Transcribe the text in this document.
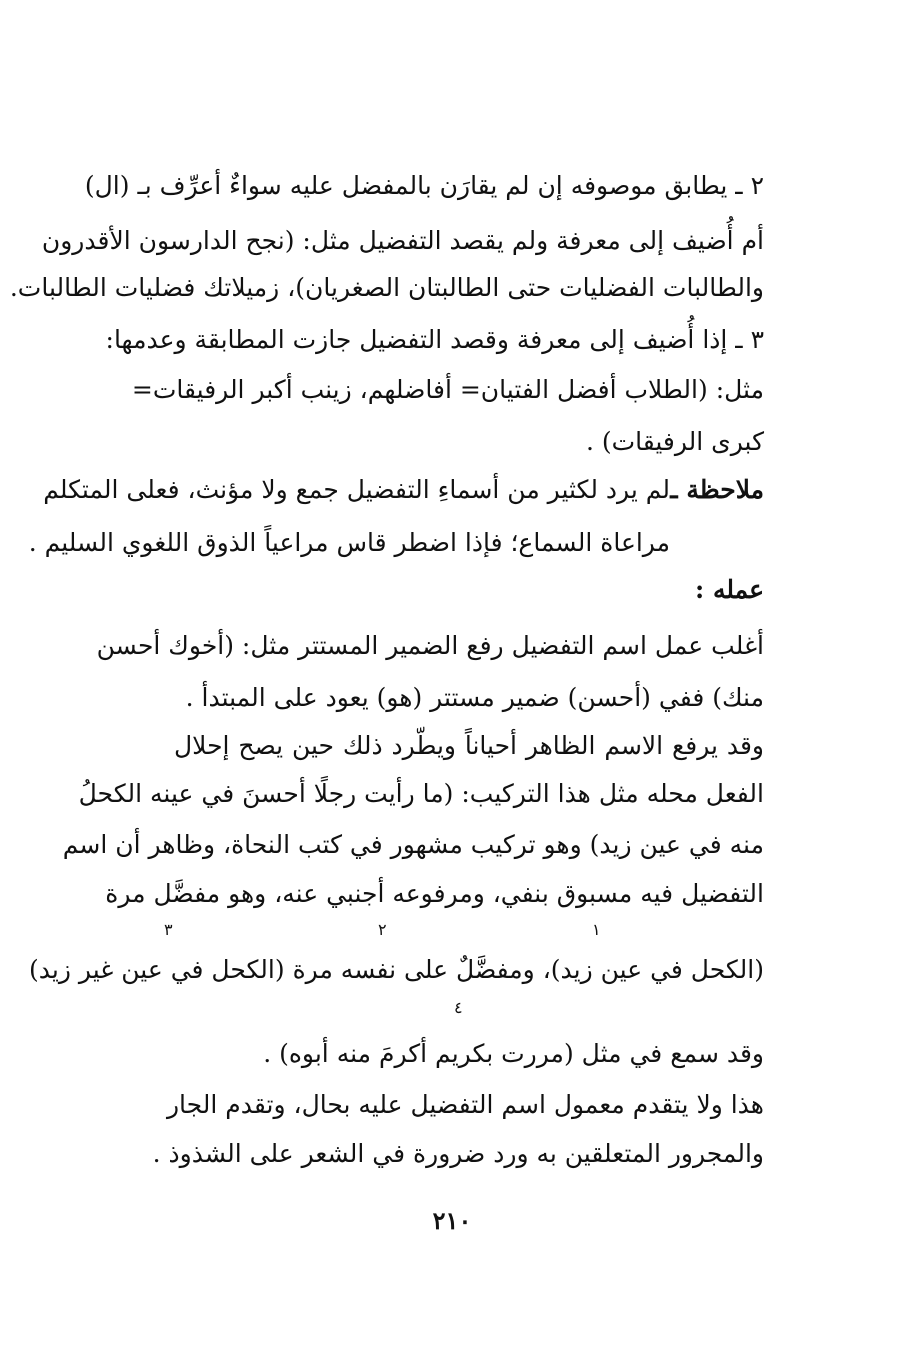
٢ ـ يطابق موصوفه إن لم يقارَن بالمفضل عليه سواءٌ أعرِّف بـ (ال)
أم أُضيف إلى معرفة ولم يقصد التفضيل مثل: (نجح الدارسون الأقدرون
والطالبات الفضليات حتى الطالبتان الصغريان)، زميلاتك فضليات الطالبات.
٣ ـ إذا أُضيف إلى معرفة وقصد التفضيل جازت المطابقة وعدمها:
مثل: (الطلاب أفضل الفتيان= أفاضلهم، زينب أكبر الرفيقات=
كبرى الرفيقات) .
ملاحظة ـ
لم يرد لكثير من أسماءِ التفضيل جمع ولا مؤنث، فعلى المتكلم
مراعاة السماع؛ فإذا اضطر قاس مراعياً الذوق اللغوي السليم .
عمله :
أغلب عمل اسم التفضيل رفع الضمير المستتر مثل: (أخوك أحسن
منك) ففي (أحسن) ضمير مستتر (هو) يعود على المبتدأ .
وقد يرفع الاسم الظاهر أحياناً ويطّرد ذلك حين يصح إحلال
الفعل محله مثل هذا التركيب: (ما رأيت رجلًا أحسنَ في عينه الكحلُ
منه في عين زيد) وهو تركيب مشهور في كتب النحاة، وظاهر أن اسم
التفضيل فيه مسبوق بنفي، ومرفوعه أجنبي عنه، وهو مفضَّل مرة
١
٢
٣
(الكحل في عين زيد)، ومفضَّلٌ على نفسه مرة (الكحل في عين غير زيد)
٤
وقد سمع في مثل (مررت بكريم أكرمَ منه أبوه) .
هذا ولا يتقدم معمول اسم التفضيل عليه بحال، وتقدم الجار
والمجرور المتعلقين به ورد ضرورة في الشعر على الشذوذ .
٢١٠
